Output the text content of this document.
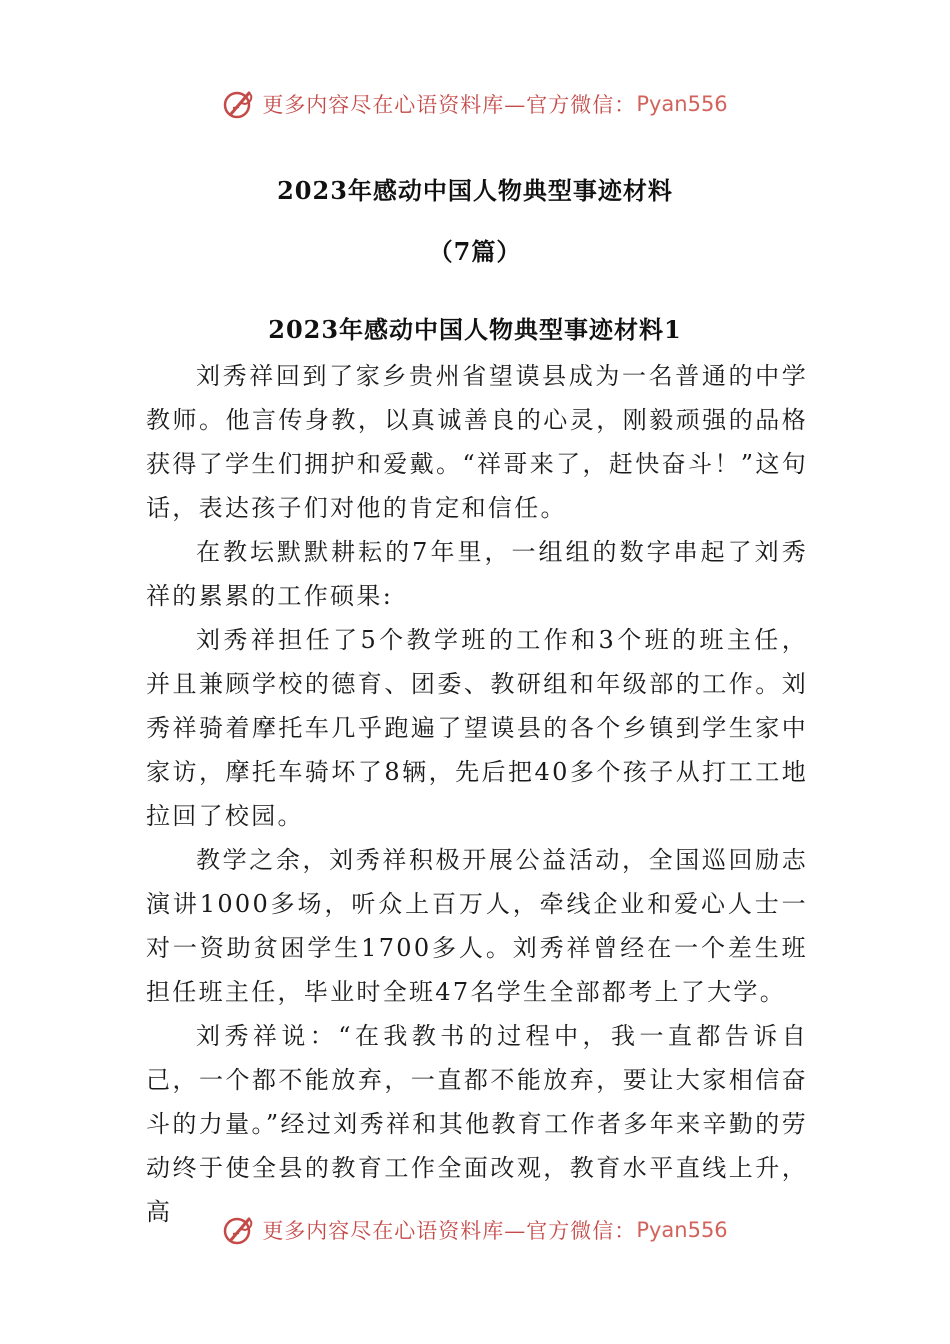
更多内容尽在心语资料库—官方微信： Pyan556
2023年感动中国人物典型事迹材料
（7篇）
2023年感动中国人物典型事迹材料1

刘秀祥回到了家乡贵州省望谟县成为一名普通的中学教师。他言传身教，以真诚善良的心灵，刚毅顽强的品格获得了学生们拥护和爱戴。“祥哥来了，赶快奋斗！”这句话，表达孩子们对他的肯定和信任。

在教坛默默耕耘的7年里，一组组的数字串起了刘秀祥的累累的工作硕果:

刘秀祥担任了5个教学班的工作和3个班的班主任，并且兼顾学校的德育、团委、教研组和年级部的工作。刘秀祥骑着摩托车几乎跑遍了望谟县的各个乡镇到学生家中家访，摩托车骑坏了8辆，先后把40多个孩子从打工工地拉回了校园。

教学之余，刘秀祥积极开展公益活动，全国巡回励志演讲1000多场，听众上百万人，牵线企业和爱心人士一对一资助贫困学生1700多人。刘秀祥曾经在一个差生班担任班主任，毕业时全班47名学生全部都考上了大学。

刘秀祥说：“在我教书的过程中，我一直都告诉自己，一个都不能放弃，一直都不能放弃，要让大家相信奋斗的力量。”经过刘秀祥和其他教育工作者多年来辛勤的劳动终于使全县的教育工作全面改观，教育水平直线上升，高

更多内容尽在心语资料库—官方微信： Pyan556
